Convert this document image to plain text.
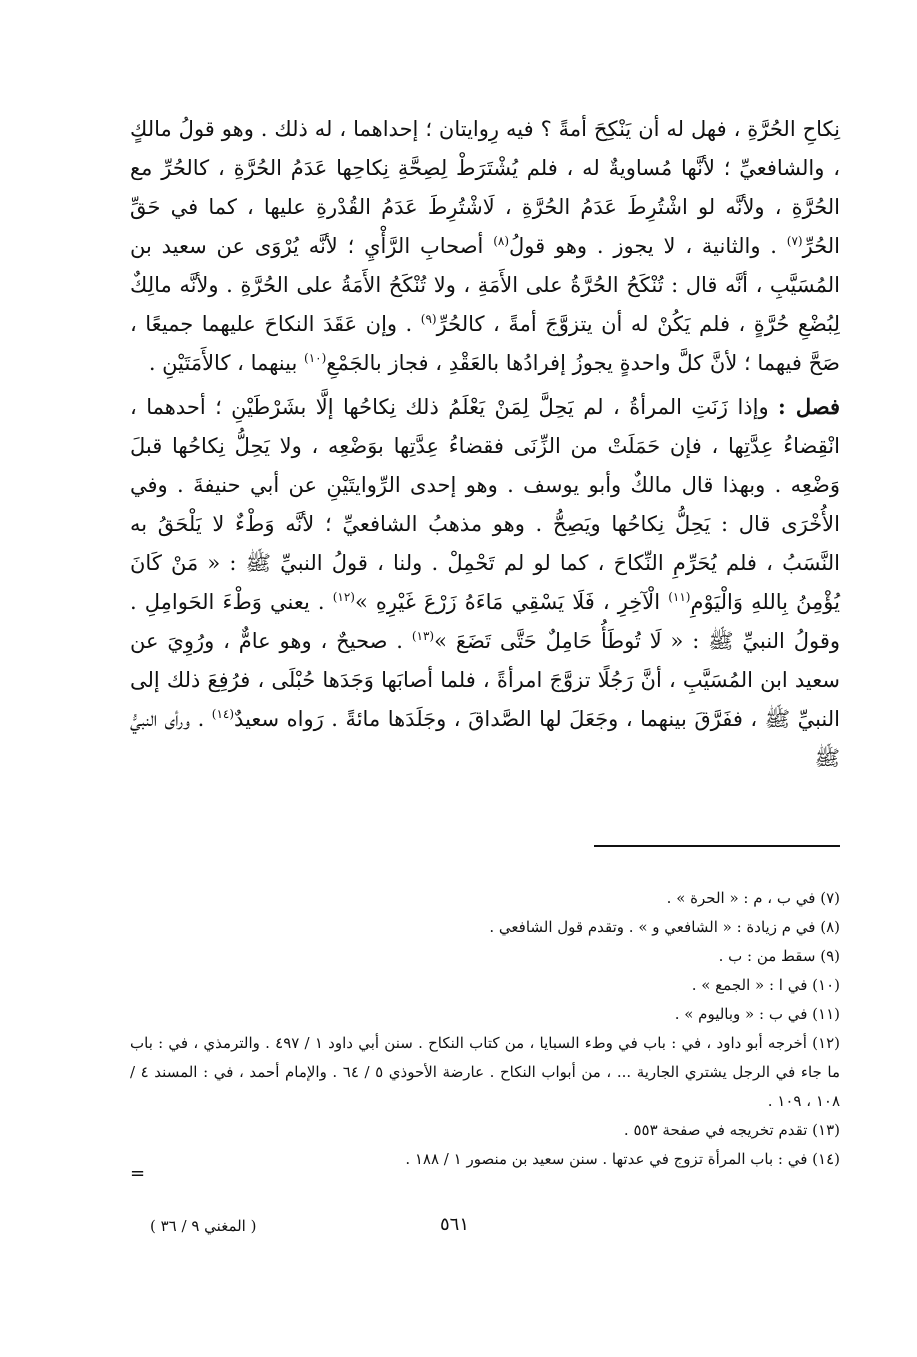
نِكاحِ الحُرَّةِ ، فهل له أن يَنْكِحَ أمةً ؟ فيه رِوايتان ؛ إحداهما ، له ذلك . وهو قولُ مالكٍ ، والشافعيِّ ؛ لأنَّها مُساويةٌ له ، فلم يُشْتَرَطْ لِصِحَّةِ نِكاحِها عَدَمُ الحُرَّةِ ، كالحُرِّ مع الحُرَّةِ ، ولأنَّه لو اشْتُرِطَ عَدَمُ الحُرَّةِ ، لَاشْتُرِطَ عَدَمُ القُدْرةِ عليها ، كما في حَقِّ الحُرِّ$^{(٧)}$ . والثانية ، لا يجوز . وهو قولُ$^{(٨)}$ أصحابِ الرَّأْيِ ؛ لأنَّه يُرْوَى عن سعيد بن المُسَيَّبِ ، أنَّه قال : تُنْكَحُ الحُرَّةُ على الأَمَةِ ، ولا تُنْكَحُ الأَمَةُ على الحُرَّةِ . ولأنَّه مالِكٌ لِبُضْعِ حُرَّةٍ ، فلم يَكُنْ له أن يتزوَّجَ أمةً ، كالحُرِّ$^{(٩)}$ . وإن عَقَدَ النكاحَ عليهما جميعًا ، صَحَّ فيهما ؛ لأنَّ كلَّ واحدةٍ يجوزُ إفرادُها بالعَقْدِ ، فجاز بالجَمْعِ$^{(١٠)}$ بينهما ، كالأَمَتَيْنِ .

فصل : وإذا زَنَتِ المرأةُ ، لم يَحِلَّ لِمَنْ يَعْلَمُ ذلك نِكاحُها إلَّا بشَرْطَيْنِ ؛ أحدهما ، انْقِضاءُ عِدَّتِها ، فإن حَمَلَتْ من الزِّنَى فقضاءُ عِدَّتِها بوَضْعِه ، ولا يَحِلُّ نِكاحُها قبلَ وَضْعِه . وبهذا قال مالكٌ وأبو يوسف . وهو إحدى الرِّوايتَيْنِ عن أبي حنيفةَ . وفي الأُخْرَى قال : يَحِلُّ نِكاحُها ويَصِحُّ . وهو مذهبُ الشافعيِّ ؛ لأنَّه وَطْءٌ لا يَلْحَقُ به النَّسَبُ ، فلم يُحَرِّمِ النِّكاحَ ، كما لو لم تَحْمِلْ . ولنا ، قولُ النبيِّ ﷺ : « مَنْ كَانَ يُؤْمِنُ بِاللهِ وَالْيَوْمِ$^{(١١)}$ الْآخِرِ ، فَلَا يَسْقِي مَاءَهُ زَرْعَ غَيْرِهِ »$^{(١٢)}$ . يعني وَطْءَ الحَوامِلِ . وقولُ النبيِّ ﷺ : « لَا تُوطَأُ حَامِلٌ حَتَّى تَضَعَ »$^{(١٣)}$ . صحيحٌ ، وهو عامٌّ ، ورُوِيَ عن سعيد ابن المُسَيَّبِ ، أنَّ رَجُلًا تزوَّجَ امرأةً ، فلما أصابَها وَجَدَها حُبْلَى ، فرُفِعَ ذلك إلى النبيِّ ﷺ ، ففَرَّقَ بينهما ، وجَعَلَ لها الصَّداقَ ، وجَلَدَها مائةً . رَواه سعيدٌ$^{(١٤)}$ . ورأى النبيُّ ﷺ

(٧) في ب ، م : « الحرة » .
(٨) في م زيادة : « الشافعي و » . وتقدم قول الشافعي .
(٩) سقط من : ب .
(١٠) في ا : « الجمع » .
(١١) في ب : « وباليوم » .
(١٢) أخرجه أبو داود ، في : باب في وطء السبايا ، من كتاب النكاح . سنن أبي داود ١ / ٤٩٧ . والترمذي ، في : باب ما جاء في الرجل يشتري الجارية ... ، من أبواب النكاح . عارضة الأحوذي ٥ / ٦٤ . والإمام أحمد ، في : المسند ٤ / ١٠٨ ، ١٠٩ .
(١٣) تقدم تخريجه في صفحة ٥٥٣ .
(١٤) في : باب المرأة تزوج في عدتها . سنن سعيد بن منصور ١ / ١٨٨ .
=
٥٦١
( المغني ٩ / ٣٦ )
